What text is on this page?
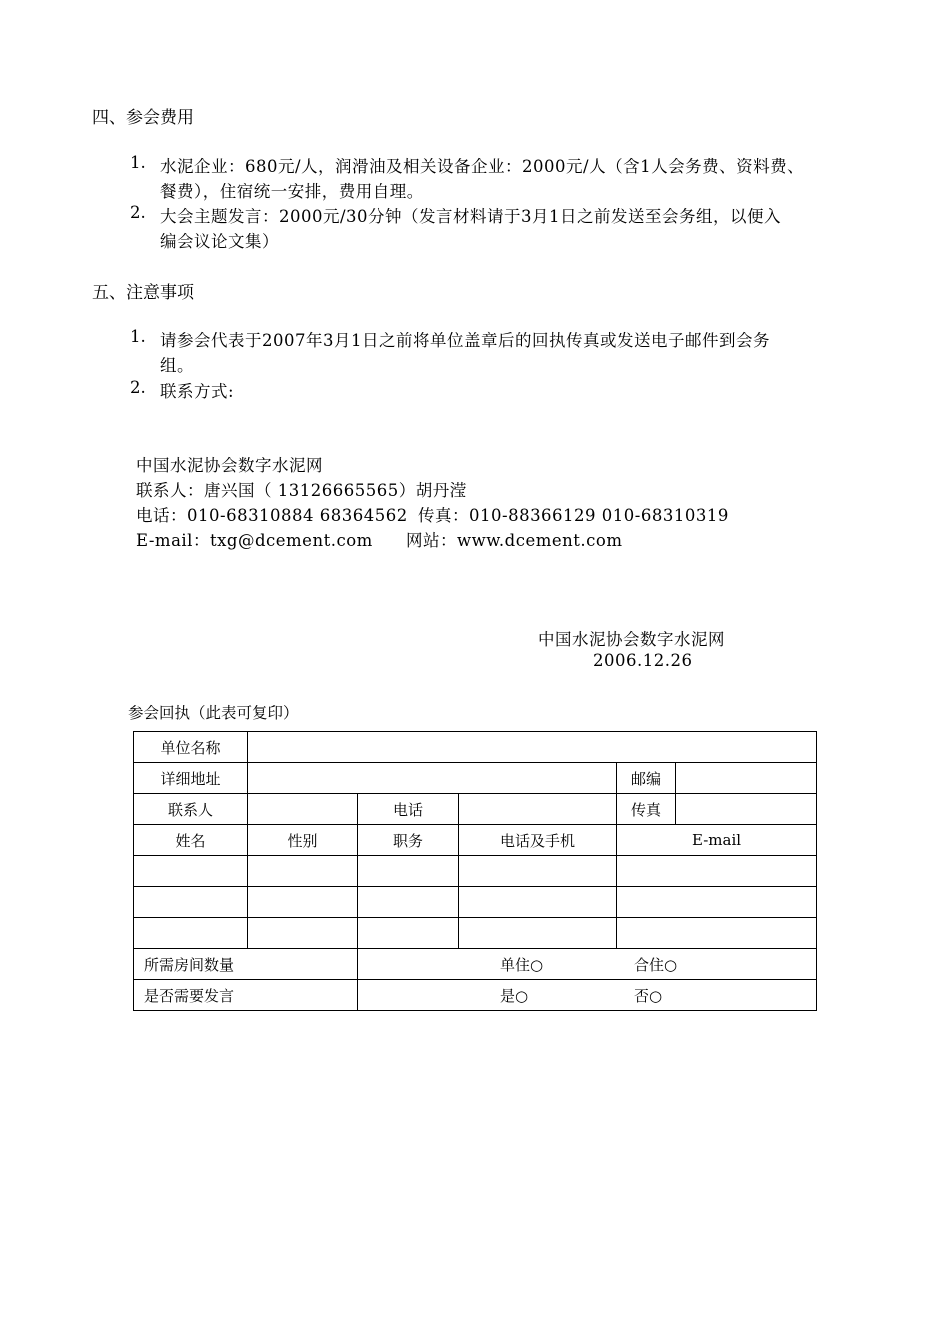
四、参会费用
1. 水泥企业：680元/人，润滑油及相关设备企业：2000元/人（含1人会务费、资料费、
餐费），住宿统一安排，费用自理。
2. 大会主题发言：2000元/30分钟（发言材料请于3月1日之前发送至会务组，以便入
编会议论文集）
五、注意事项
1. 请参会代表于2007年3月1日之前将单位盖章后的回执传真或发送电子邮件到会务
组。
2. 联系方式:
中国水泥协会数字水泥网
联系人：唐兴国（ 13126665565）胡丹滢
电话：010-68310884 68364562 传真：010-88366129 010-68310319
E-mail：txg@dcement.com 网站：www.dcement.com
中国水泥协会数字水泥网
2006.12.26
参会回执（此表可复印）
单位名称					
详细地址				邮编	
联系人		电话		传真	
姓名	性别	职务	电话及手机	E-mail	

所需房间数量		单住○ 合住○			
是否需要发言		是○ 否○			
